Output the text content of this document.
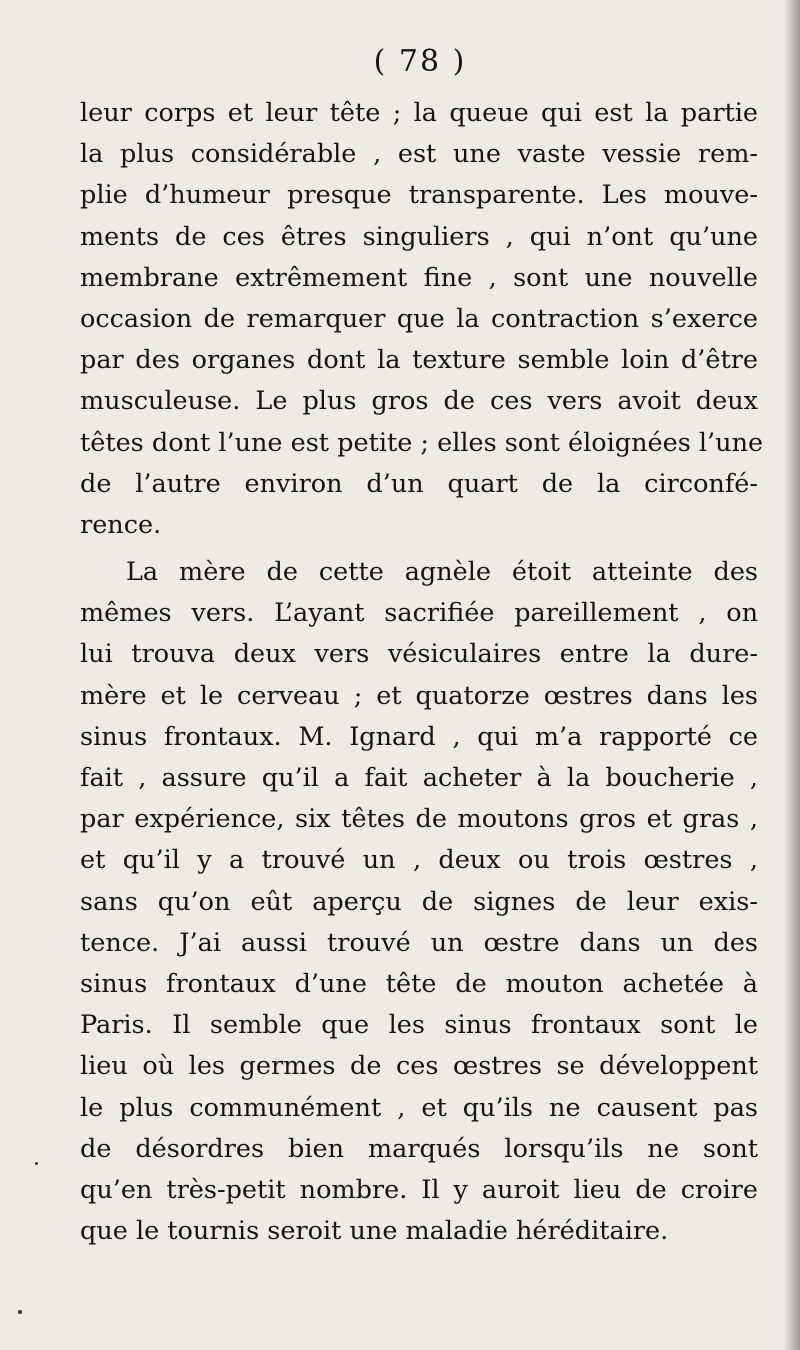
( 78 )

leur corps et leur tête ; la queue qui est la partie
la plus considérable , est une vaste vessie rem-
plie d’humeur presque transparente. Les mouve-
ments de ces êtres singuliers , qui n’ont qu’une
membrane extrêmement fine , sont une nouvelle
occasion de remarquer que la contraction s’exerce
par des organes dont la texture semble loin d’être
musculeuse. Le plus gros de ces vers avoit deux
têtes dont l’une est petite ; elles sont éloignées l’une
de l’autre environ d’un quart de la circonfé-
rence.
La mère de cette agnèle étoit atteinte des
mêmes vers. L’ayant sacrifiée pareillement , on
lui trouva deux vers vésiculaires entre la dure-
mère et le cerveau ; et quatorze œstres dans les
sinus frontaux. M. Ignard , qui m’a rapporté ce
fait , assure qu’il a fait acheter à la boucherie ,
par expérience, six têtes de moutons gros et gras ,
et qu’il y a trouvé un , deux ou trois œstres ,
sans qu’on eût aperçu de signes de leur exis-
tence. J’ai aussi trouvé un œstre dans un des
sinus frontaux d’une tête de mouton achetée à
Paris. Il semble que les sinus frontaux sont le
lieu où les germes de ces œstres se développent
le plus communément , et qu’ils ne causent pas
de désordres bien marqués lorsqu’ils ne sont
qu’en très-petit nombre. Il y auroit lieu de croire
que le tournis seroit une maladie héréditaire.
